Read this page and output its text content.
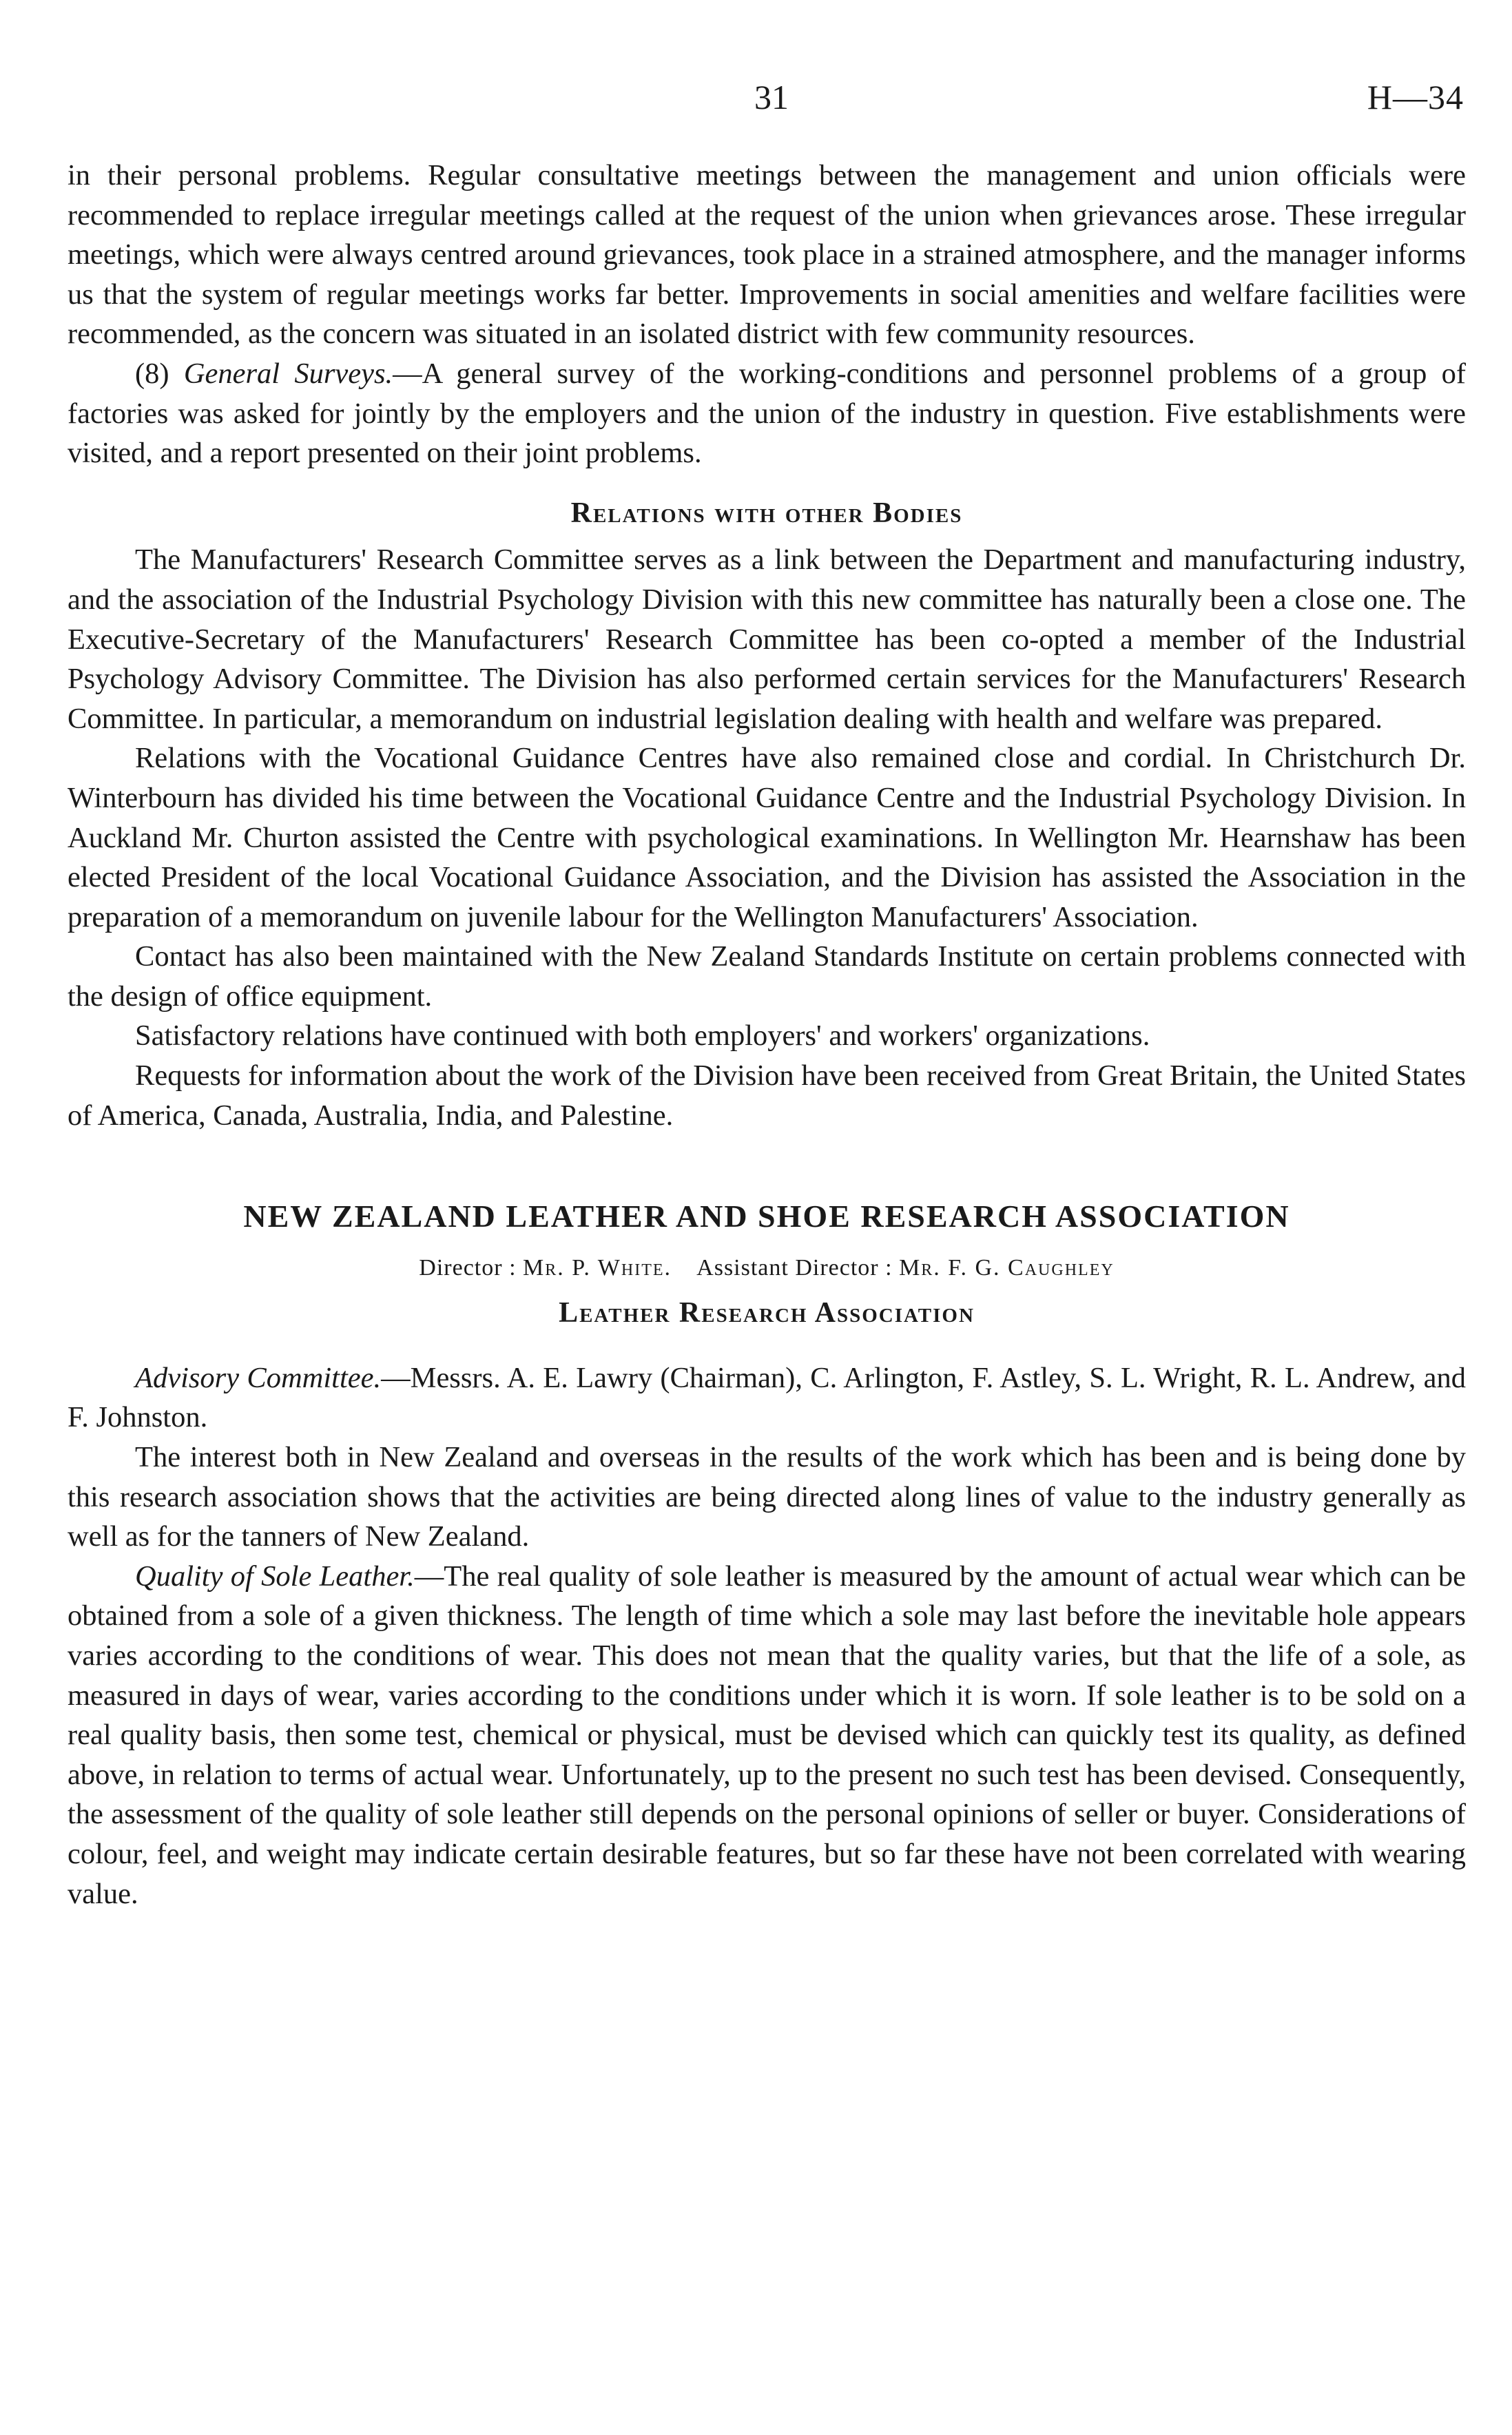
31	H—34

in their personal problems. Regular consultative meetings between the management and union officials were recommended to replace irregular meetings called at the request of the union when grievances arose. These irregular meetings, which were always centred around grievances, took place in a strained atmosphere, and the manager informs us that the system of regular meetings works far better. Improvements in social amenities and welfare facilities were recommended, as the concern was situated in an isolated district with few community resources.

(8) General Surveys.—A general survey of the working-conditions and personnel problems of a group of factories was asked for jointly by the employers and the union of the industry in question. Five establishments were visited, and a report presented on their joint problems.

Relations with other Bodies

The Manufacturers' Research Committee serves as a link between the Department and manufacturing industry, and the association of the Industrial Psychology Division with this new committee has naturally been a close one. The Executive-Secretary of the Manufacturers' Research Committee has been co-opted a member of the Industrial Psychology Advisory Committee. The Division has also performed certain services for the Manufacturers' Research Committee. In particular, a memorandum on industrial legislation dealing with health and welfare was prepared.

Relations with the Vocational Guidance Centres have also remained close and cordial. In Christchurch Dr. Winterbourn has divided his time between the Vocational Guidance Centre and the Industrial Psychology Division. In Auckland Mr. Churton assisted the Centre with psychological examinations. In Wellington Mr. Hearnshaw has been elected President of the local Vocational Guidance Association, and the Division has assisted the Association in the preparation of a memorandum on juvenile labour for the Wellington Manufacturers' Association.

Contact has also been maintained with the New Zealand Standards Institute on certain problems connected with the design of office equipment.

Satisfactory relations have continued with both employers' and workers' organizations.

Requests for information about the work of the Division have been received from Great Britain, the United States of America, Canada, Australia, India, and Palestine.

NEW ZEALAND LEATHER AND SHOE RESEARCH ASSOCIATION
Director : Mr. P. White. Assistant Director : Mr. F. G. Caughley
Leather Research Association

Advisory Committee.—Messrs. A. E. Lawry (Chairman), C. Arlington, F. Astley, S. L. Wright, R. L. Andrew, and F. Johnston.

The interest both in New Zealand and overseas in the results of the work which has been and is being done by this research association shows that the activities are being directed along lines of value to the industry generally as well as for the tanners of New Zealand.

Quality of Sole Leather.—The real quality of sole leather is measured by the amount of actual wear which can be obtained from a sole of a given thickness. The length of time which a sole may last before the inevitable hole appears varies according to the conditions of wear. This does not mean that the quality varies, but that the life of a sole, as measured in days of wear, varies according to the conditions under which it is worn. If sole leather is to be sold on a real quality basis, then some test, chemical or physical, must be devised which can quickly test its quality, as defined above, in relation to terms of actual wear. Unfortunately, up to the present no such test has been devised. Consequently, the assessment of the quality of sole leather still depends on the personal opinions of seller or buyer. Considerations of colour, feel, and weight may indicate certain desirable features, but so far these have not been correlated with wearing value.
